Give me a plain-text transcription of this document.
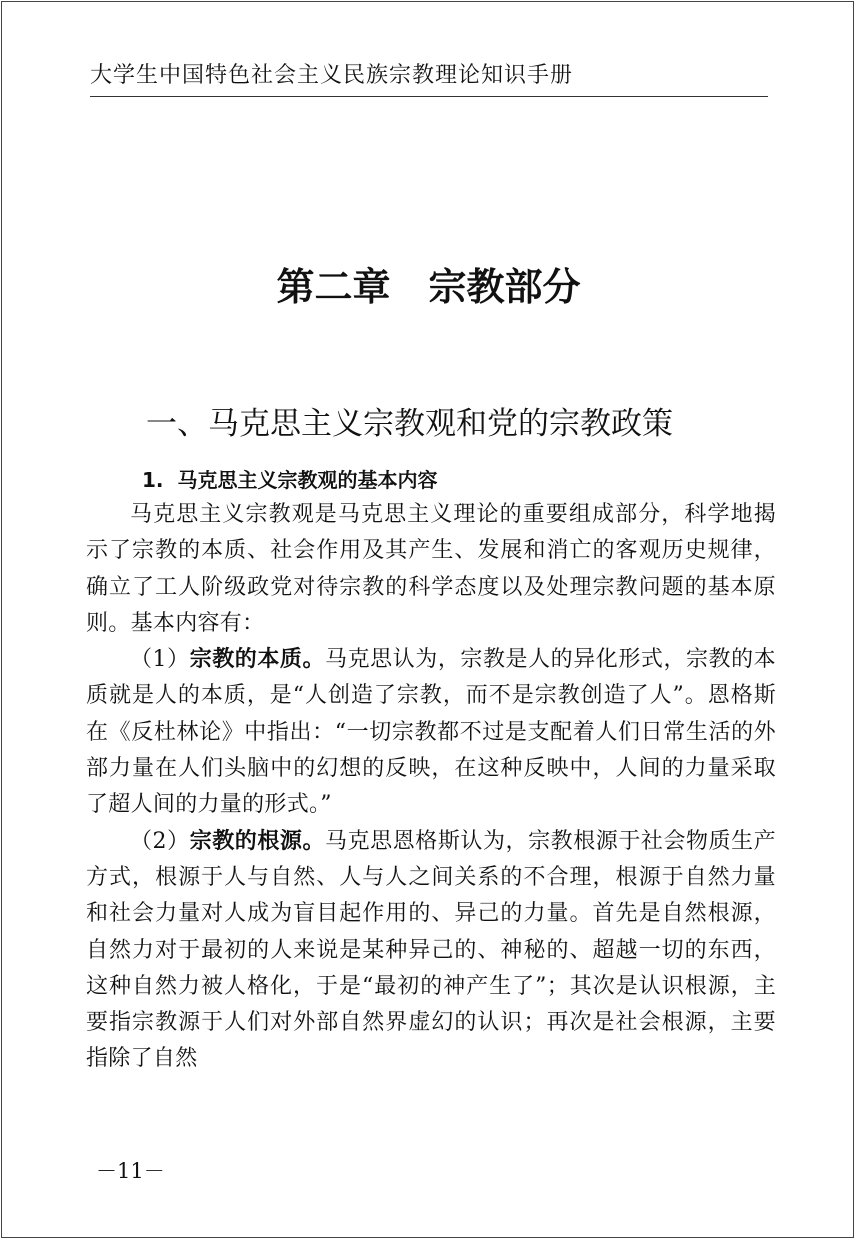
大学生中国特色社会主义民族宗教理论知识手册
第二章　宗教部分
一、马克思主义宗教观和党的宗教政策
1.  马克思主义宗教观的基本内容

马克思主义宗教观是马克思主义理论的重要组成部分，科学地揭示了宗教的本质、社会作用及其产生、发展和消亡的客观历史规律，确立了工人阶级政党对待宗教的科学态度以及处理宗教问题的基本原则。基本内容有：

（1）宗教的本质。马克思认为，宗教是人的异化形式，宗教的本质就是人的本质，是“人创造了宗教，而不是宗教创造了人”。恩格斯在《反杜林论》中指出：“一切宗教都不过是支配着人们日常生活的外部力量在人们头脑中的幻想的反映，在这种反映中，人间的力量采取了超人间的力量的形式。”

（2）宗教的根源。马克思恩格斯认为，宗教根源于社会物质生产方式，根源于人与自然、人与人之间关系的不合理，根源于自然力量和社会力量对人成为盲目起作用的、异己的力量。首先是自然根源，自然力对于最初的人来说是某种异己的、神秘的、超越一切的东西，这种自然力被人格化，于是“最初的神产生了”；其次是认识根源，主要指宗教源于人们对外部自然界虚幻的认识；再次是社会根源，主要指除了自然

－11－
